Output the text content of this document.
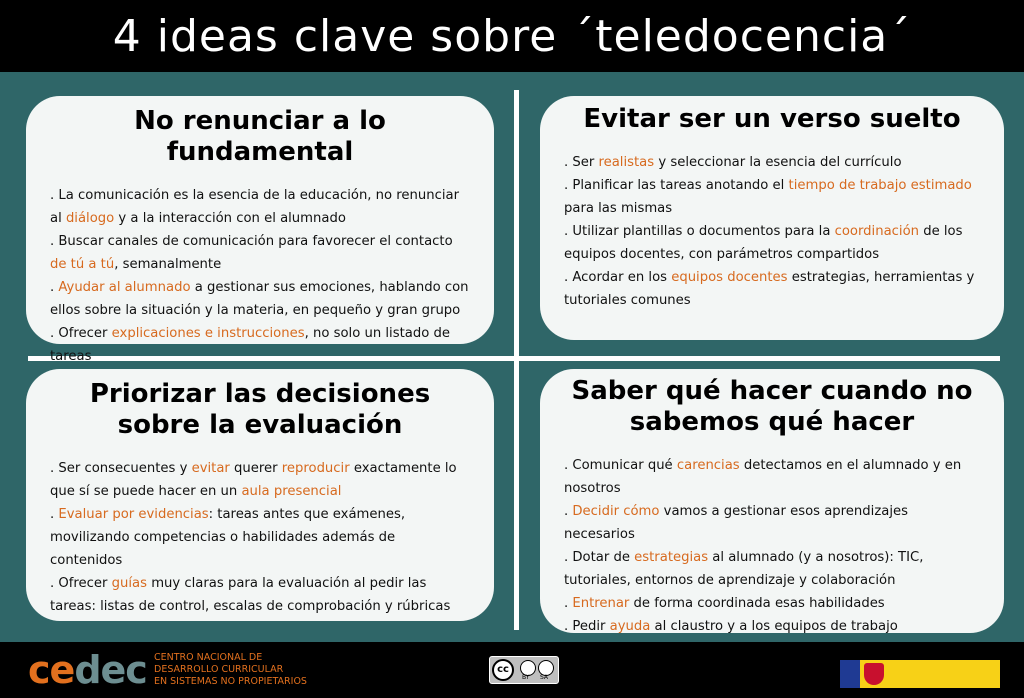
4 ideas clave sobre ´teledocencia´
No renunciar a lo fundamental

. La comunicación es la esencia de la educación, no renunciar al diálogo y a la interacción con el alumnado

. Buscar canales de comunicación para favorecer el contacto de tú a tú, semanalmente

. Ayudar al alumnado a gestionar sus emociones, hablando con ellos sobre la situación y la materia, en pequeño y gran grupo

. Ofrecer explicaciones e instrucciones, no solo un listado de tareas

Evitar ser un verso suelto

. Ser realistas y seleccionar la esencia del currículo

. Planificar las tareas anotando el tiempo de trabajo estimado para las mismas

. Utilizar plantillas o documentos para la coordinación de los equipos docentes, con parámetros compartidos

. Acordar en los equipos docentes estrategias, herramientas y tutoriales comunes

Priorizar las decisiones sobre la evaluación

. Ser consecuentes y evitar querer reproducir exactamente lo que sí se puede hacer en un aula presencial

. Evaluar por evidencias: tareas antes que exámenes, movilizando competencias o habilidades además de contenidos

. Ofrecer guías muy claras para la evaluación al pedir las tareas: listas de control, escalas de comprobación y rúbricas

Saber qué hacer cuando no sabemos qué hacer

. Comunicar qué carencias detectamos en el alumnado y en nosotros

. Decidir cómo vamos a gestionar esos aprendizajes necesarios

. Dotar de estrategias al alumnado (y a nosotros): TIC, tutoriales, entornos de aprendizaje y colaboración

. Entrenar de forma coordinada esas habilidades

. Pedir ayuda al claustro y a los equipos de trabajo

cedec CENTRO NACIONAL DE
DESARROLLO CURRICULAR
EN SISTEMAS NO PROPIETARIOS
cc
BY SA
